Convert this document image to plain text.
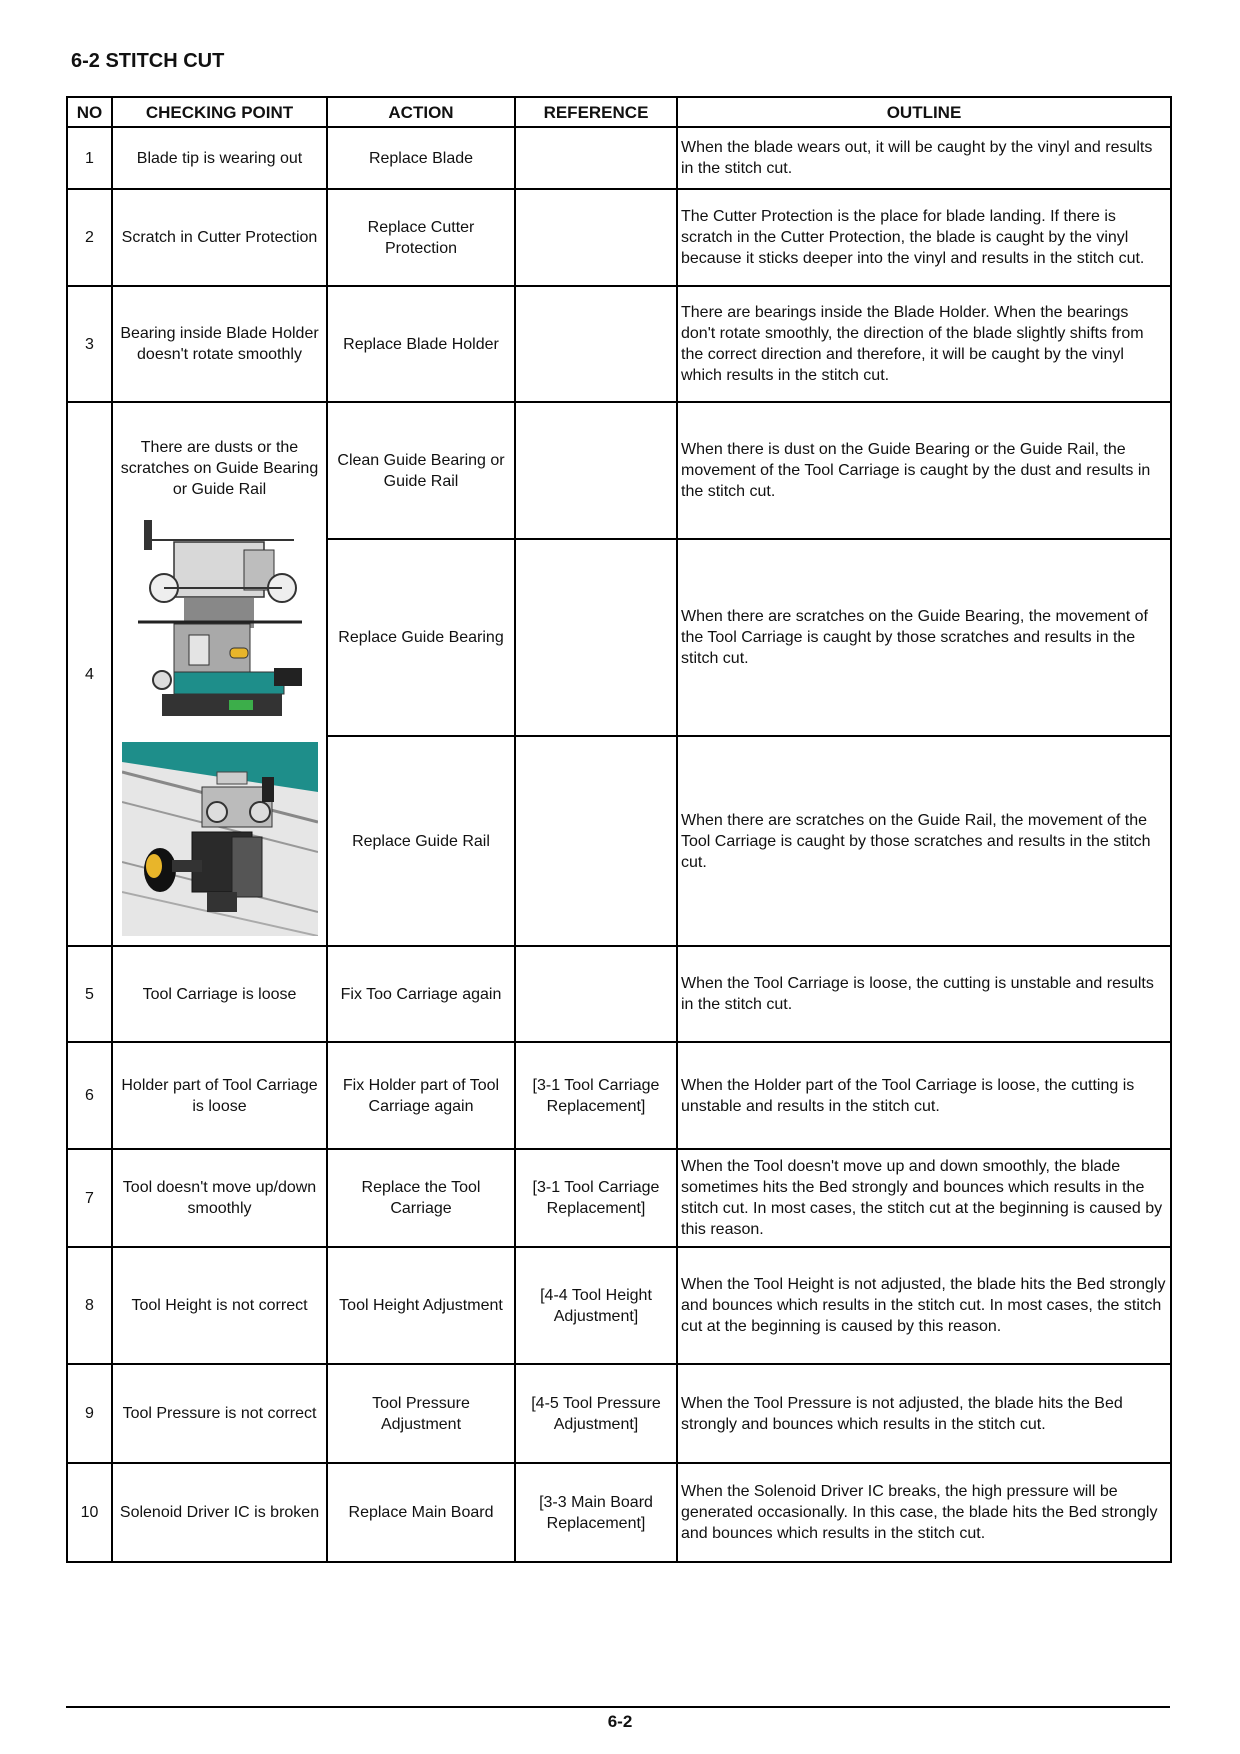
6-2 STITCH CUT
NO	CHECKING POINT	ACTION	REFERENCE	OUTLINE
1	Blade tip is wearing out	Replace Blade		When the blade wears out, it will be caught by the vinyl and results in the stitch cut.
2	Scratch in Cutter Protection	Replace Cutter Protection		The Cutter Protection is the place for blade landing. If there is scratch in the Cutter Protection, the blade is caught by the vinyl because it sticks deeper into the vinyl and results in the stitch cut.
3	Bearing inside Blade Holder doesn't rotate smoothly	Replace Blade Holder		There are bearings inside the Blade Holder. When the bearings don't rotate smoothly, the direction of the blade slightly shifts from the correct direction and therefore, it will be caught by the vinyl which results in the stitch cut.
4	There are dusts or the scratches on Guide Bearing or Guide Rail	Clean Guide Bearing or Guide Rail		When there is dust on the Guide Bearing or the Guide Rail, the movement of the Tool Carriage is caught by the dust and results in the stitch cut.
		Replace Guide Bearing		When there are scratches on the Guide Bearing, the movement of the Tool Carriage is caught by those scratches and results in the stitch cut.
		Replace Guide Rail		When there are scratches on the Guide Rail, the movement of the Tool Carriage is caught by those scratches and results in the stitch cut.
5	Tool Carriage is loose	Fix Too Carriage again		When the Tool Carriage is loose, the cutting is unstable and results in the stitch cut.
6	Holder part of Tool Carriage is loose	Fix Holder part of Tool Carriage again	[3-1 Tool Carriage Replacement]	When the Holder part of the Tool Carriage is loose, the cutting is unstable and results in the stitch cut.
7	Tool doesn't move up/down smoothly	Replace the Tool Carriage	[3-1 Tool Carriage Replacement]	When the Tool doesn't move up and down smoothly, the blade sometimes hits the Bed strongly and bounces which results in the stitch cut. In most cases, the stitch cut at the beginning is caused by this reason.
8	Tool Height is not correct	Tool Height Adjustment	[4-4 Tool Height Adjustment]	When the Tool Height is not adjusted, the blade hits the Bed strongly and bounces which results in the stitch cut. In most cases, the stitch cut at the beginning is caused by this reason.
9	Tool Pressure is not correct	Tool Pressure Adjustment	[4-5 Tool Pressure Adjustment]	When the Tool Pressure is not adjusted, the blade hits the Bed strongly and bounces which results in the stitch cut.
10	Solenoid Driver IC is broken	Replace Main Board	[3-3 Main Board Replacement]	When the Solenoid Driver IC breaks, the high pressure will be generated occasionally. In this case, the blade hits the Bed strongly and bounces which results in the stitch cut.
6-2
